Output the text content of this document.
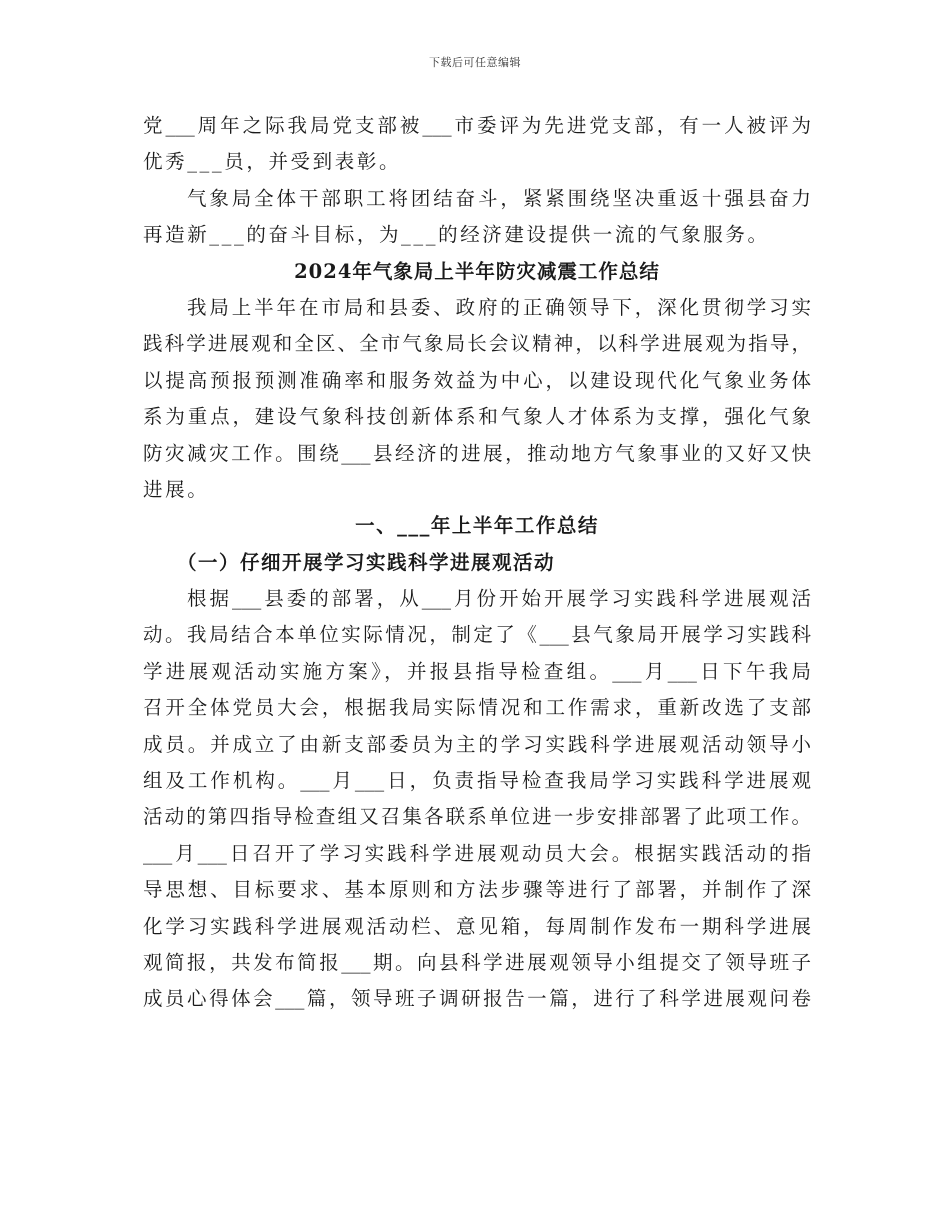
下载后可任意编辑
党___周年之际我局党支部被___市委评为先进党支部，有一人被评为
优秀___员，并受到表彰。
气象局全体干部职工将团结奋斗，紧紧围绕坚决重返十强县奋力
再造新___的奋斗目标，为___的经济建设提供一流的气象服务。
2024年气象局上半年防灾减震工作总结
我局上半年在市局和县委、政府的正确领导下，深化贯彻学习实
践科学进展观和全区、全市气象局长会议精神，以科学进展观为指导，
以提高预报预测准确率和服务效益为中心，以建设现代化气象业务体
系为重点，建设气象科技创新体系和气象人才体系为支撑，强化气象
防灾减灾工作。围绕___县经济的进展，推动地方气象事业的又好又快
进展。
一、___年上半年工作总结
（一）仔细开展学习实践科学进展观活动
根据___县委的部署，从___月份开始开展学习实践科学进展观活
动。我局结合本单位实际情况，制定了《___县气象局开展学习实践科
学进展观活动实施方案》，并报县指导检查组。___月___日下午我局
召开全体党员大会，根据我局实际情况和工作需求，重新改选了支部
成员。并成立了由新支部委员为主的学习实践科学进展观活动领导小
组及工作机构。___月___日，负责指导检查我局学习实践科学进展观
活动的第四指导检查组又召集各联系单位进一步安排部署了此项工作。
___月___日召开了学习实践科学进展观动员大会。根据实践活动的指
导思想、目标要求、基本原则和方法步骤等进行了部署，并制作了深
化学习实践科学进展观活动栏、意见箱，每周制作发布一期科学进展
观简报，共发布简报___期。向县科学进展观领导小组提交了领导班子
成员心得体会___篇，领导班子调研报告一篇，进行了科学进展观问卷
